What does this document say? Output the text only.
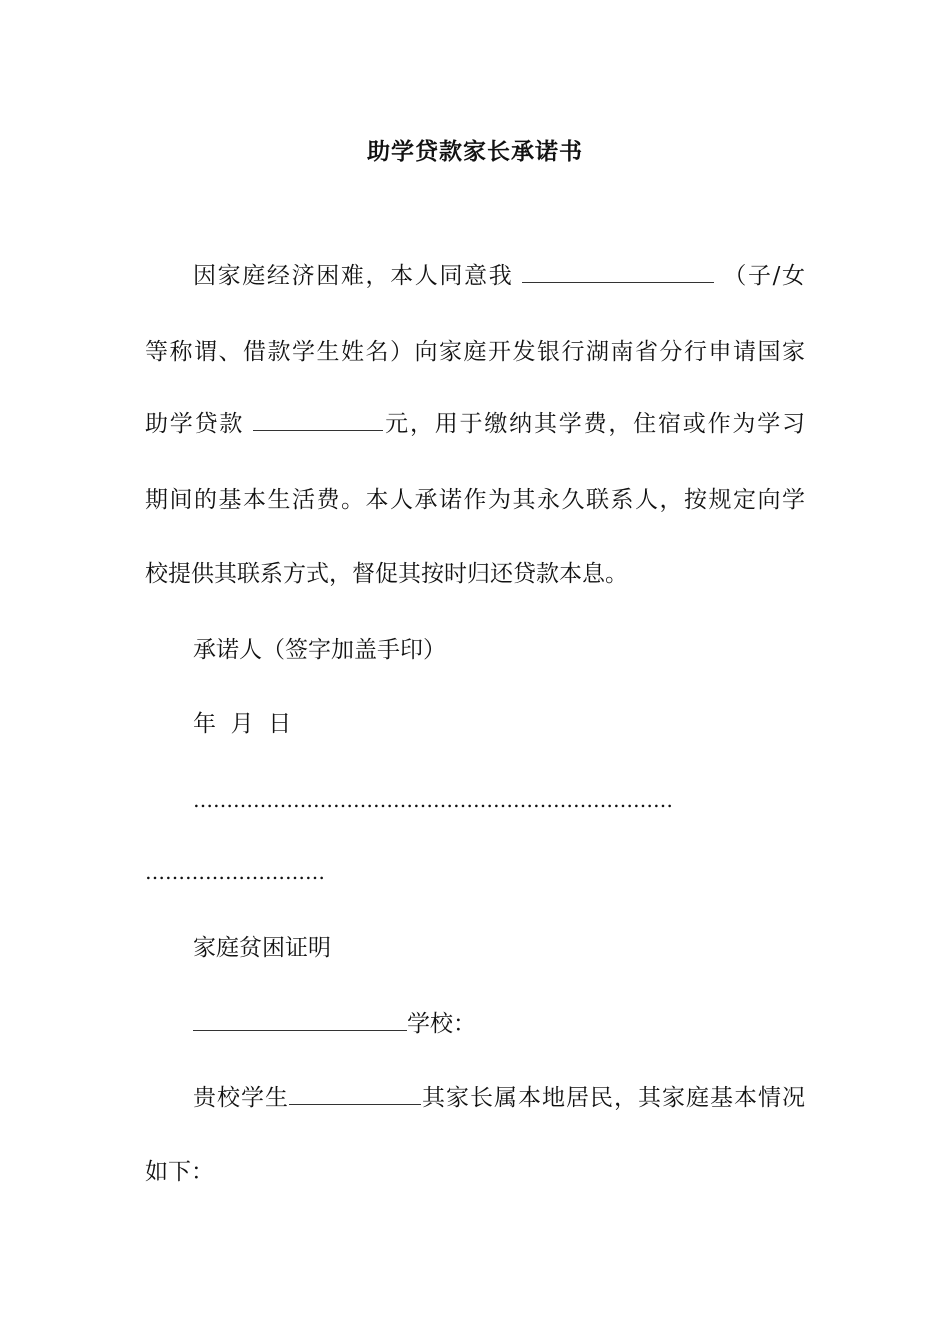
助学贷款家长承诺书
因家庭经济困难，本人同意我	（子/女
等称谓、借款学生姓名）向家庭开发银行湖南省分行申请国家
助学贷款	元，用于缴纳其学费，住宿或作为学习
期间的基本生活费。本人承诺作为其永久联系人，按规定向学
校提供其联系方式，督促其按时归还贷款本息。
承诺人（签字加盖手印）
年  月  日
………………………………………………………………
………………………
家庭贫困证明
学校：
贵校学生	其家长属本地居民，其家庭基本情况
如下：
